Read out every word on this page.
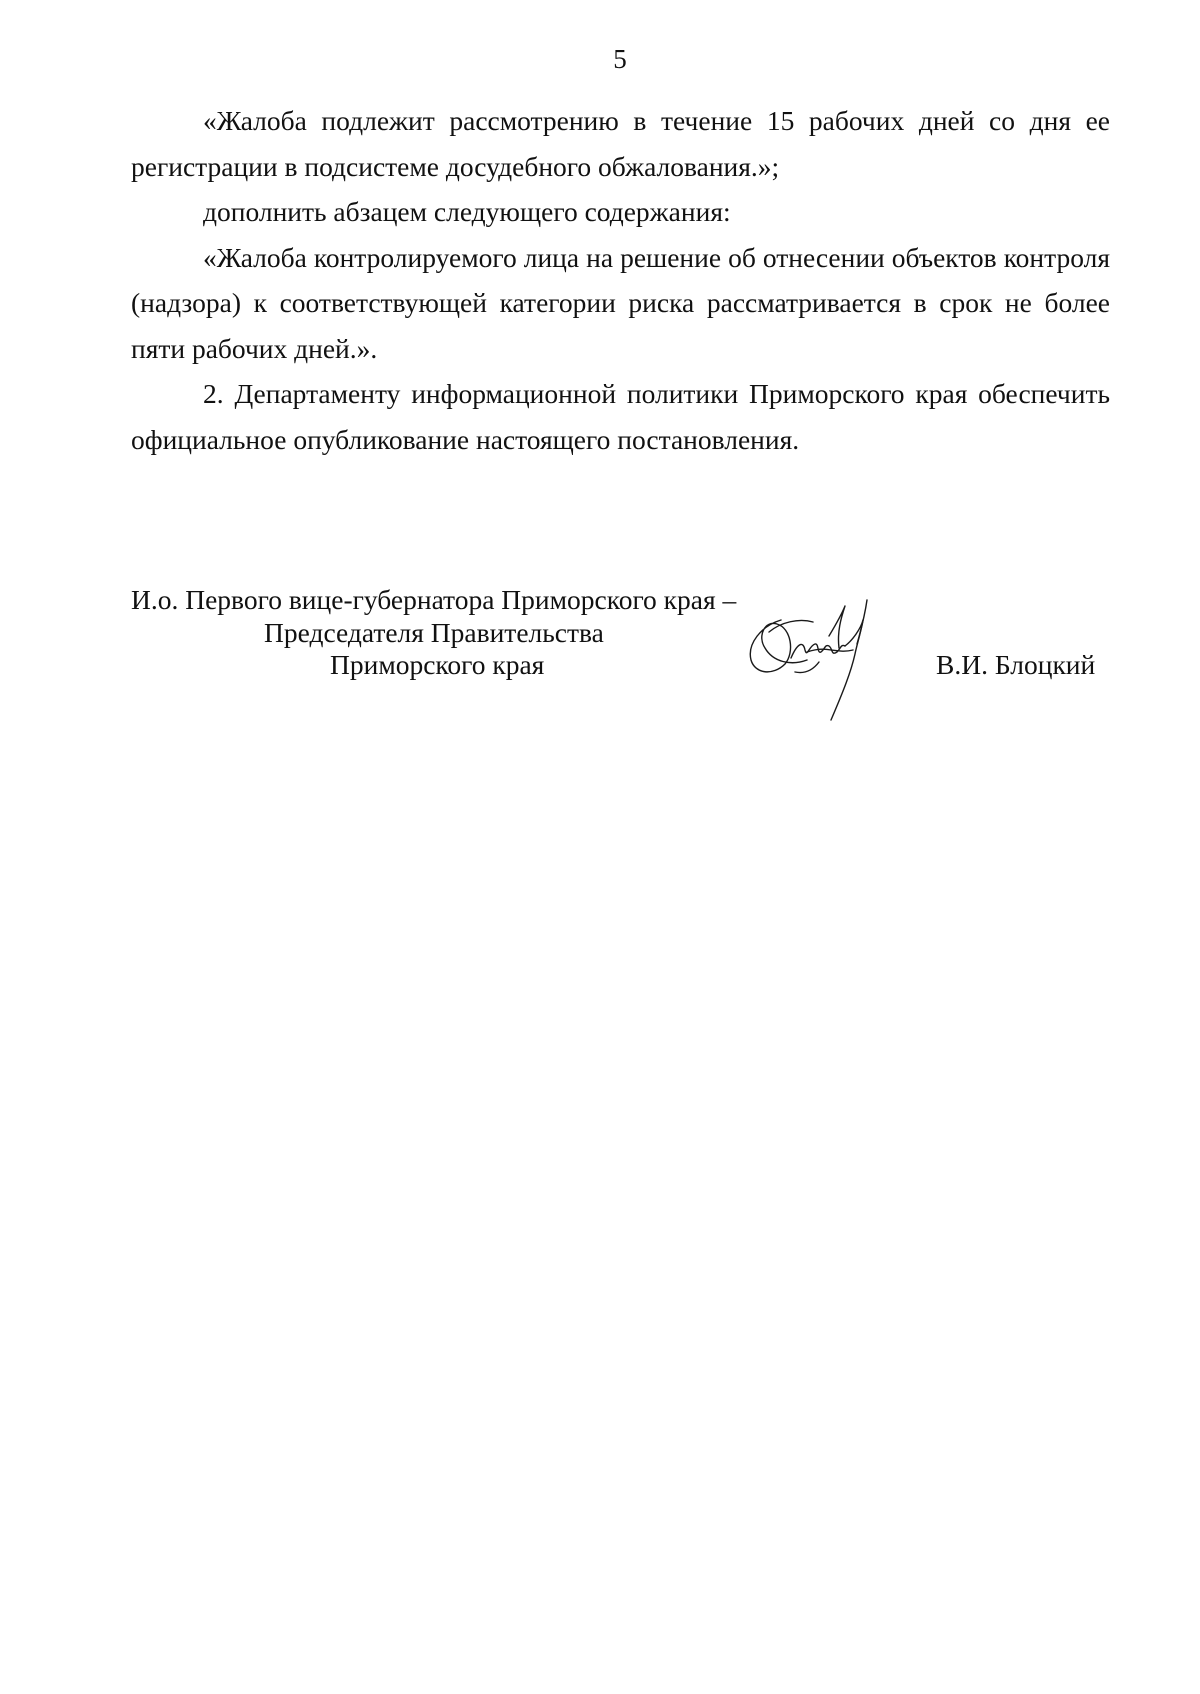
5

«Жалоба подлежит рассмотрению в течение 15 рабочих дней со дня ее регистрации в подсистеме досудебного обжалования.»;

дополнить абзацем следующего содержания:

«Жалоба контролируемого лица на решение об отнесении объектов контроля (надзора) к соответствующей категории риска рассматривается в срок не более пяти рабочих дней.».

2. Департаменту информационной политики Приморского края обеспечить официальное опубликование настоящего постановления.

И.о. Первого вице-губернатора Приморского края –
Председателя Правительства
Приморского края	В.И. Блоцкий
